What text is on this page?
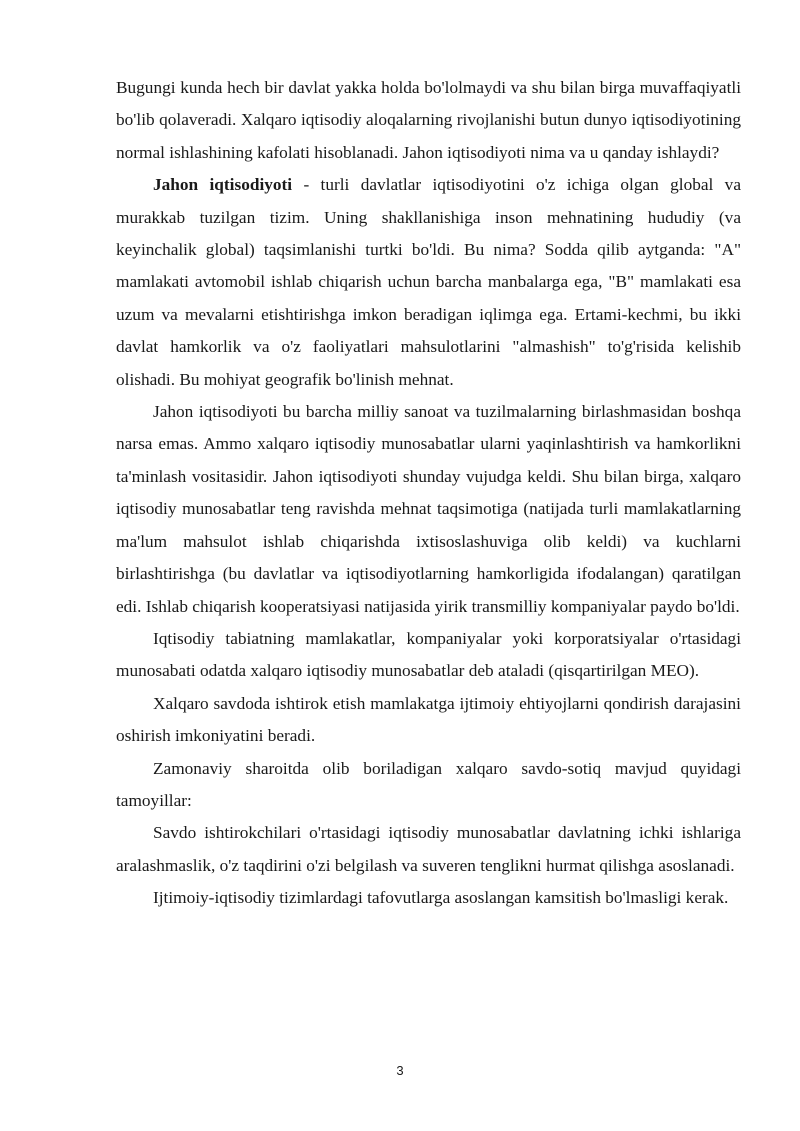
Bugungi kunda hech bir davlat yakka holda bo'lolmaydi va shu bilan birga muvaffaqiyatli bo'lib qolaveradi. Xalqaro iqtisodiy aloqalarning rivojlanishi butun dunyo iqtisodiyotining normal ishlashining kafolati hisoblanadi. Jahon iqtisodiyoti nima va u qanday ishlaydi?

Jahon iqtisodiyoti - turli davlatlar iqtisodiyotini o'z ichiga olgan global va murakkab tuzilgan tizim. Uning shakllanishiga inson mehnatining hududiy (va keyinchalik global) taqsimlanishi turtki bo'ldi. Bu nima? Sodda qilib aytganda: "A" mamlakati avtomobil ishlab chiqarish uchun barcha manbalarga ega, "B" mamlakati esa uzum va mevalarni etishtirishga imkon beradigan iqlimga ega. Ertami-kechmi, bu ikki davlat hamkorlik va o'z faoliyatlari mahsulotlarini "almashish" to'g'risida kelishib olishadi. Bu mohiyat geografik bo'linish mehnat.

Jahon iqtisodiyoti bu barcha milliy sanoat va tuzilmalarning birlashmasidan boshqa narsa emas. Ammo xalqaro iqtisodiy munosabatlar ularni yaqinlashtirish va hamkorlikni ta'minlash vositasidir. Jahon iqtisodiyoti shunday vujudga keldi. Shu bilan birga, xalqaro iqtisodiy munosabatlar teng ravishda mehnat taqsimotiga (natijada turli mamlakatlarning ma'lum mahsulot ishlab chiqarishda ixtisoslashuviga olib keldi) va kuchlarni birlashtirishga (bu davlatlar va iqtisodiyotlarning hamkorligida ifodalangan) qaratilgan edi. Ishlab chiqarish kooperatsiyasi natijasida yirik transmilliy kompaniyalar paydo bo'ldi.

Iqtisodiy tabiatning mamlakatlar, kompaniyalar yoki korporatsiyalar o'rtasidagi munosabati odatda xalqaro iqtisodiy munosabatlar deb ataladi (qisqartirilgan MEO).

Xalqaro savdoda ishtirok etish mamlakatga ijtimoiy ehtiyojlarni qondirish darajasini oshirish imkoniyatini beradi.

Zamonaviy sharoitda olib boriladigan xalqaro savdo-sotiq mavjud quyidagi tamoyillar:

Savdo ishtirokchilari o'rtasidagi iqtisodiy munosabatlar davlatning ichki ishlariga aralashmaslik, o'z taqdirini o'zi belgilash va suveren tenglikni hurmat qilishga asoslanadi.

Ijtimoiy-iqtisodiy tizimlardagi tafovutlarga asoslangan kamsitish bo'lmasligi kerak.

3
